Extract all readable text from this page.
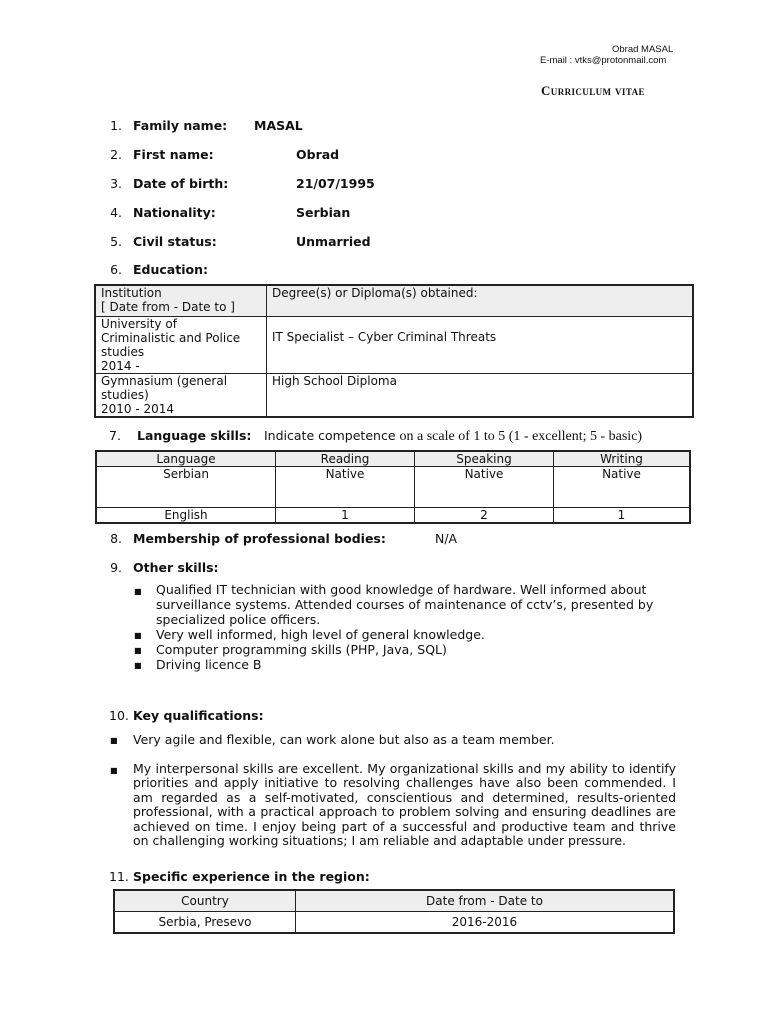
Obrad MASAL
E-mail : vtks@protonmail.com
Curriculum vitae
1. Family name: MASAL
2. First name:	Obrad
3. Date of birth:	21/07/1995
4. Nationality:	Serbian
5. Civil status:	Unmarried
6. Education:
Institution
[ Date from - Date to ]	Degree(s) or Diploma(s) obtained:

University of
Criminalistic and Police
studies
2014 -	IT Specialist – Cyber Criminal Threats

Gymnasium (general
studies)
2010 - 2014	High School Diploma
7. Language skills: Indicate competence on a scale of 1 to 5 (1 - excellent; 5 - basic)
Language	Reading	Speaking	Writing
Serbian	Native	Native	Native
English	1	2	1
8. Membership of professional bodies:	N/A
9. Other skills:
■ Qualified IT technician with good knowledge of hardware. Well informed about
surveillance systems. Attended courses of maintenance of cctv’s, presented by
specialized police officers.
■ Very well informed, high level of general knowledge.
■ Computer programming skills (PHP, Java, SQL)
■ Driving licence B
10. Key qualifications:
■ Very agile and flexible, can work alone but also as a team member.
■ My interpersonal skills are excellent. My organizational skills and my ability to identify priorities and apply initiative to resolving challenges have also been commended. I am regarded as a self-motivated, conscientious and determined, results-oriented professional, with a practical approach to problem solving and ensuring deadlines are achieved on time. I enjoy being part of a successful and productive team and thrive on challenging working situations; I am reliable and adaptable under pressure.
11. Specific experience in the region:
Country	Date from - Date to
Serbia, Presevo	2016-2016
